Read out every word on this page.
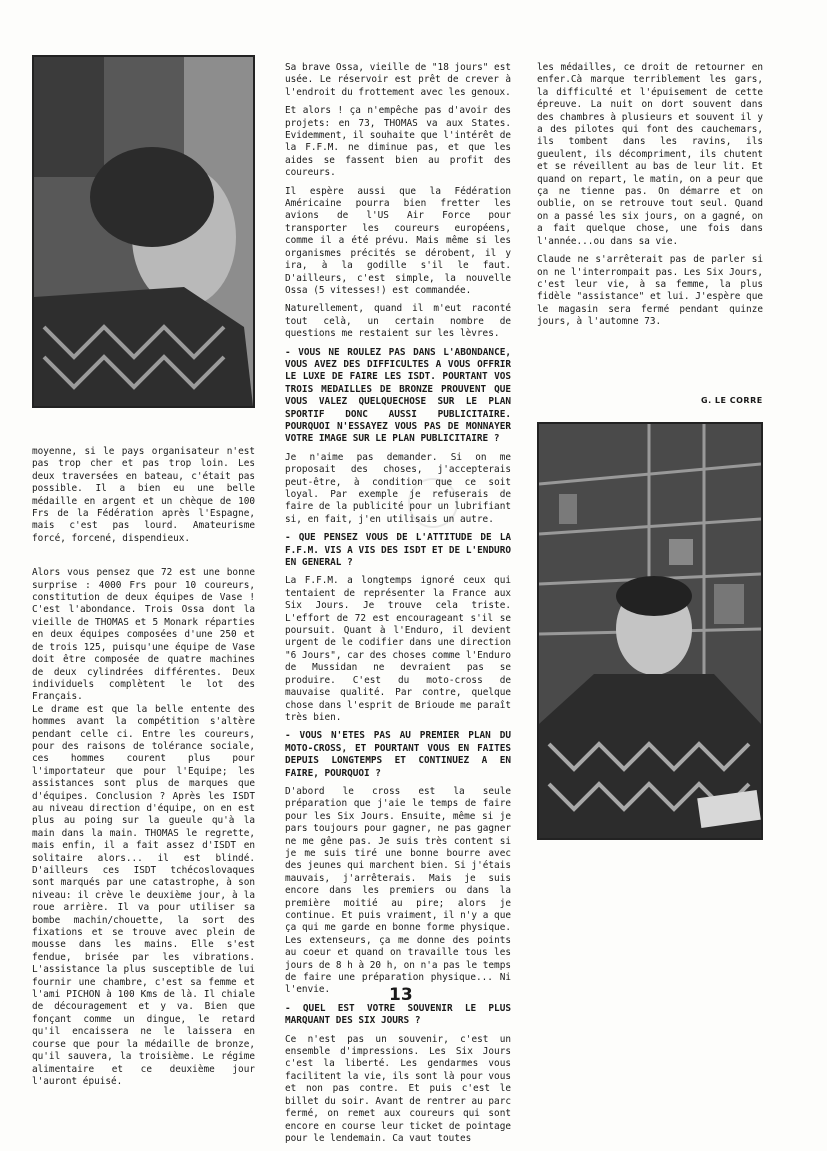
G. LE CORRE

moyenne, si le pays organisateur n'est pas trop cher et pas trop loin. Les deux traversées en bateau, c'était pas possible. Il a bien eu une belle médaille en argent et un chèque de 100 Frs de la Fédération après l'Espagne, mais c'est pas lourd. Amateurisme forcé, forcené, dispendieux.

Alors vous pensez que 72 est une bonne surprise : 4000 Frs pour 10 coureurs, constitution de deux équipes de Vase ! C'est l'abondance. Trois Ossa dont la vieille de THOMAS et 5 Monark réparties en deux équipes composées d'une 250 et de trois 125, puisqu'une équipe de Vase doit être composée de quatre machines de deux cylindrées différentes. Deux individuels complètent le lot des Français.

Le drame est que la belle entente des hommes avant la compétition s'altère pendant celle ci. Entre les coureurs, pour des raisons de tolérance sociale, ces hommes courent plus pour l'importateur que pour l'Equipe; les assistances sont plus de marques que d'équipes. Conclusion ? Après les ISDT au niveau direction d'équipe, on en est plus au poing sur la gueule qu'à la main dans la main. THOMAS le regrette, mais enfin, il a fait assez d'ISDT en solitaire alors... il est blindé. D'ailleurs ces ISDT tchécoslovaques sont marqués par une catastrophe, à son niveau: il crève le deuxième jour, à la roue arrière. Il va pour utiliser sa bombe machin/chouette, la sort des fixations et se trouve avec plein de mousse dans les mains. Elle s'est fendue, brisée par les vibrations. L'assistance la plus susceptible de lui fournir une chambre, c'est sa femme et l'ami PICHON à 100 Kms de là. Il chiale de découragement et y va. Bien que fonçant comme un dingue, le retard qu'il encaissera ne le laissera en course que pour la médaille de bronze, qu'il sauvera, la troisième. Le régime alimentaire et ce deuxième jour l'auront épuisé.

Sa brave Ossa, vieille de "18 jours" est usée. Le réservoir est prêt de crever à l'endroit du frottement avec les genoux.

Et alors ! ça n'empêche pas d'avoir des projets: en 73, THOMAS va aux States. Evidemment, il souhaite que l'intérêt de la F.F.M. ne diminue pas, et que les aides se fassent bien au profit des coureurs.

Il espère aussi que la Fédération Américaine pourra bien fretter les avions de l'US Air Force pour transporter les coureurs européens, comme il a été prévu. Mais même si les organismes précités se dérobent, il y ira, à la godille s'il le faut. D'ailleurs, c'est simple, la nouvelle Ossa (5 vitesses!) est commandée.

Naturellement, quand il m'eut raconté tout celà, un certain nombre de questions me restaient sur les lèvres.

- VOUS NE ROULEZ PAS DANS L'ABONDANCE, VOUS AVEZ DES DIFFICULTES A VOUS OFFRIR LE LUXE DE FAIRE LES ISDT. POURTANT VOS TROIS MEDAILLES DE BRONZE PROUVENT QUE VOUS VALEZ QUELQUECHOSE SUR LE PLAN SPORTIF DONC AUSSI PUBLICITAIRE. POURQUOI N'ESSAYEZ VOUS PAS DE MONNAYER VOTRE IMAGE SUR LE PLAN PUBLICITAIRE ?

Je n'aime pas demander. Si on me proposait des choses, j'accepterais peut-être, à condition que ce soit loyal. Par exemple je refuserais de faire de la publicité pour un lubrifiant si, en fait, j'en utilisais un autre.

- QUE PENSEZ VOUS DE L'ATTITUDE DE LA F.F.M. VIS A VIS DES ISDT ET DE L'ENDURO EN GENERAL ?

La F.F.M. a longtemps ignoré ceux qui tentaient de représenter la France aux Six Jours. Je trouve cela triste. L'effort de 72 est encourageant s'il se poursuit. Quant à l'Enduro, il devient urgent de le codifier dans une direction "6 Jours", car des choses comme l'Enduro de Mussidan ne devraient pas se produire. C'est du moto-cross de mauvaise qualité. Par contre, quelque chose dans l'esprit de Brioude me paraît très bien.

- VOUS N'ETES PAS AU PREMIER PLAN DU MOTO-CROSS, ET POURTANT VOUS EN FAITES DEPUIS LONGTEMPS ET CONTINUEZ A EN FAIRE, POURQUOI ?

D'abord le cross est la seule préparation que j'aie le temps de faire pour les Six Jours. Ensuite, même si je pars toujours pour gagner, ne pas gagner ne me gêne pas. Je suis très content si je me suis tiré une bonne bourre avec des jeunes qui marchent bien. Si j'étais mauvais, j'arrêterais. Mais je suis encore dans les premiers ou dans la première moitié au pire; alors je continue. Et puis vraiment, il n'y a que ça qui me garde en bonne forme physique. Les extenseurs, ça me donne des points au coeur et quand on travaille tous les jours de 8 h à 20 h, on n'a pas le temps de faire une préparation physique... Ni l'envie.

- QUEL EST VOTRE SOUVENIR LE PLUS MARQUANT DES SIX JOURS ?

Ce n'est pas un souvenir, c'est un ensemble d'impressions. Les Six Jours c'est la liberté. Les gendarmes vous facilitent la vie, ils sont là pour vous et non pas contre. Et puis c'est le billet du soir. Avant de rentrer au parc fermé, on remet aux coureurs qui sont encore en course leur ticket de pointage pour le lendemain. Ca vaut toutes

les médailles, ce droit de retourner en enfer.Cà marque terriblement les gars, la difficulté et l'épuisement de cette épreuve. La nuit on dort souvent dans des chambres à plusieurs et souvent il y a des pilotes qui font des cauchemars, ils tombent dans les ravins, ils gueulent, ils décompriment, ils chutent et se réveillent au bas de leur lit. Et quand on repart, le matin, on a peur que ça ne tienne pas. On démarre et on oublie, on se retrouve tout seul. Quand on a passé les six jours, on a gagné, on a fait quelque chose, une fois dans l'année...ou dans sa vie.

Claude ne s'arrêterait pas de parler si on ne l'interrompait pas. Les Six Jours, c'est leur vie, à sa femme, la plus fidèle "assistance" et lui. J'espère que le magasin sera fermé pendant quinze jours, à l'automne 73.

13
